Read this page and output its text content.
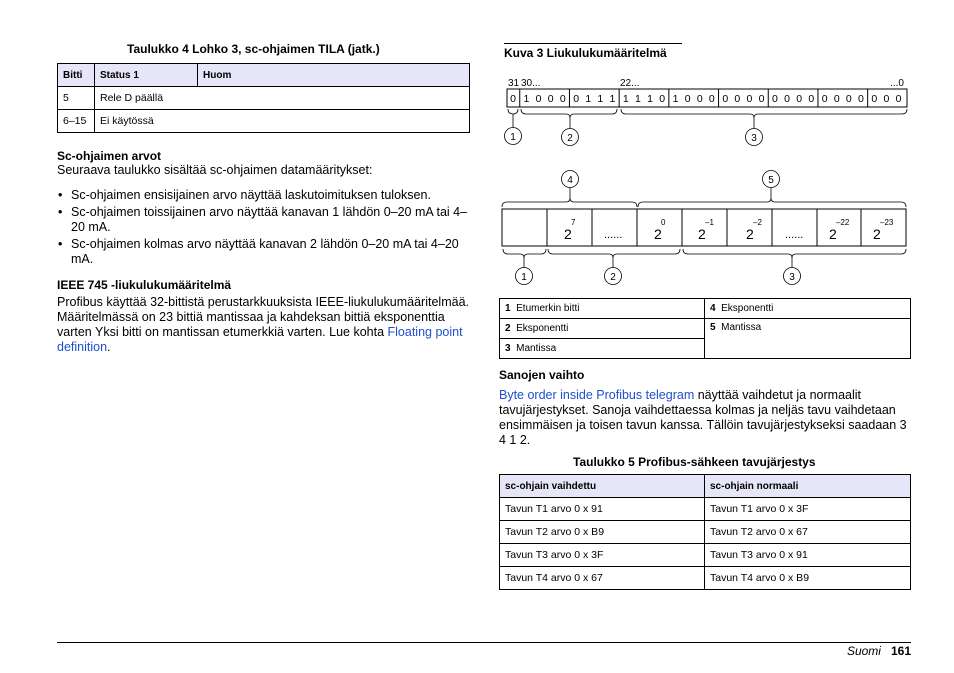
Taulukko 4 Lohko 3, sc-ohjaimen TILA (jatk.)
Bitti	Status 1	Huom
5	Rele D päällä	
6–15	Ei käytössä	
Sc-ohjaimen arvot
Seuraava taulukko sisältää sc-ohjaimen datamääritykset:
• Sc-ohjaimen ensisijainen arvo näyttää laskutoimituksen tuloksen.
• Sc-ohjaimen toissijainen arvo näyttää kanavan 1 lähdön 0–20 mA tai 4–20 mA.
• Sc-ohjaimen kolmas arvo näyttää kanavan 2 lähdön 0–20 mA tai 4–20 mA.
IEEE 745 -liukulukumääritelmä
Profibus käyttää 32-bittistä perustarkkuuksista IEEE-liukulukumääritelmää. Määritelmässä on 23 bittiä mantissaa ja kahdeksan bittiä eksponenttia varten Yksi bitti on mantissan etumerkkiä varten. Lue kohta Floating point definition.
Kuva 3 Liukulukumääritelmä
31 30...	22...	...0
0 1 0 0 0 0 1 1 1 1 1 1 0 1 0 0 0 0 0 0 0 0 0 0 0 0 0 0 0 0 0 0
1	2	3
4	5
2
7
...... 2
0
2
–1
2
–2
...... 2
–22
2
–23
1	2	3
1 Etumerkin bitti	4 Eksponentti
2 Eksponentti	5 Mantissa
3 Mantissa	
Sanojen vaihto
Byte order inside Profibus telegram näyttää vaihdetut ja normaalit tavujärjestykset. Sanoja vaihdettaessa kolmas ja neljäs tavu vaihdetaan ensimmäisen ja toisen tavun kanssa. Tällöin tavujärjestykseksi saadaan 3 4 1 2.
Taulukko 5 Profibus-sähkeen tavujärjestys
sc-ohjain vaihdettu	sc-ohjain normaali
Tavun T1 arvo 0 x 91	Tavun T1 arvo 0 x 3F
Tavun T2 arvo 0 x B9	Tavun T2 arvo 0 x 67
Tavun T3 arvo 0 x 3F	Tavun T3 arvo 0 x 91
Tavun T4 arvo 0 x 67	Tavun T4 arvo 0 x B9
Suomi 161
